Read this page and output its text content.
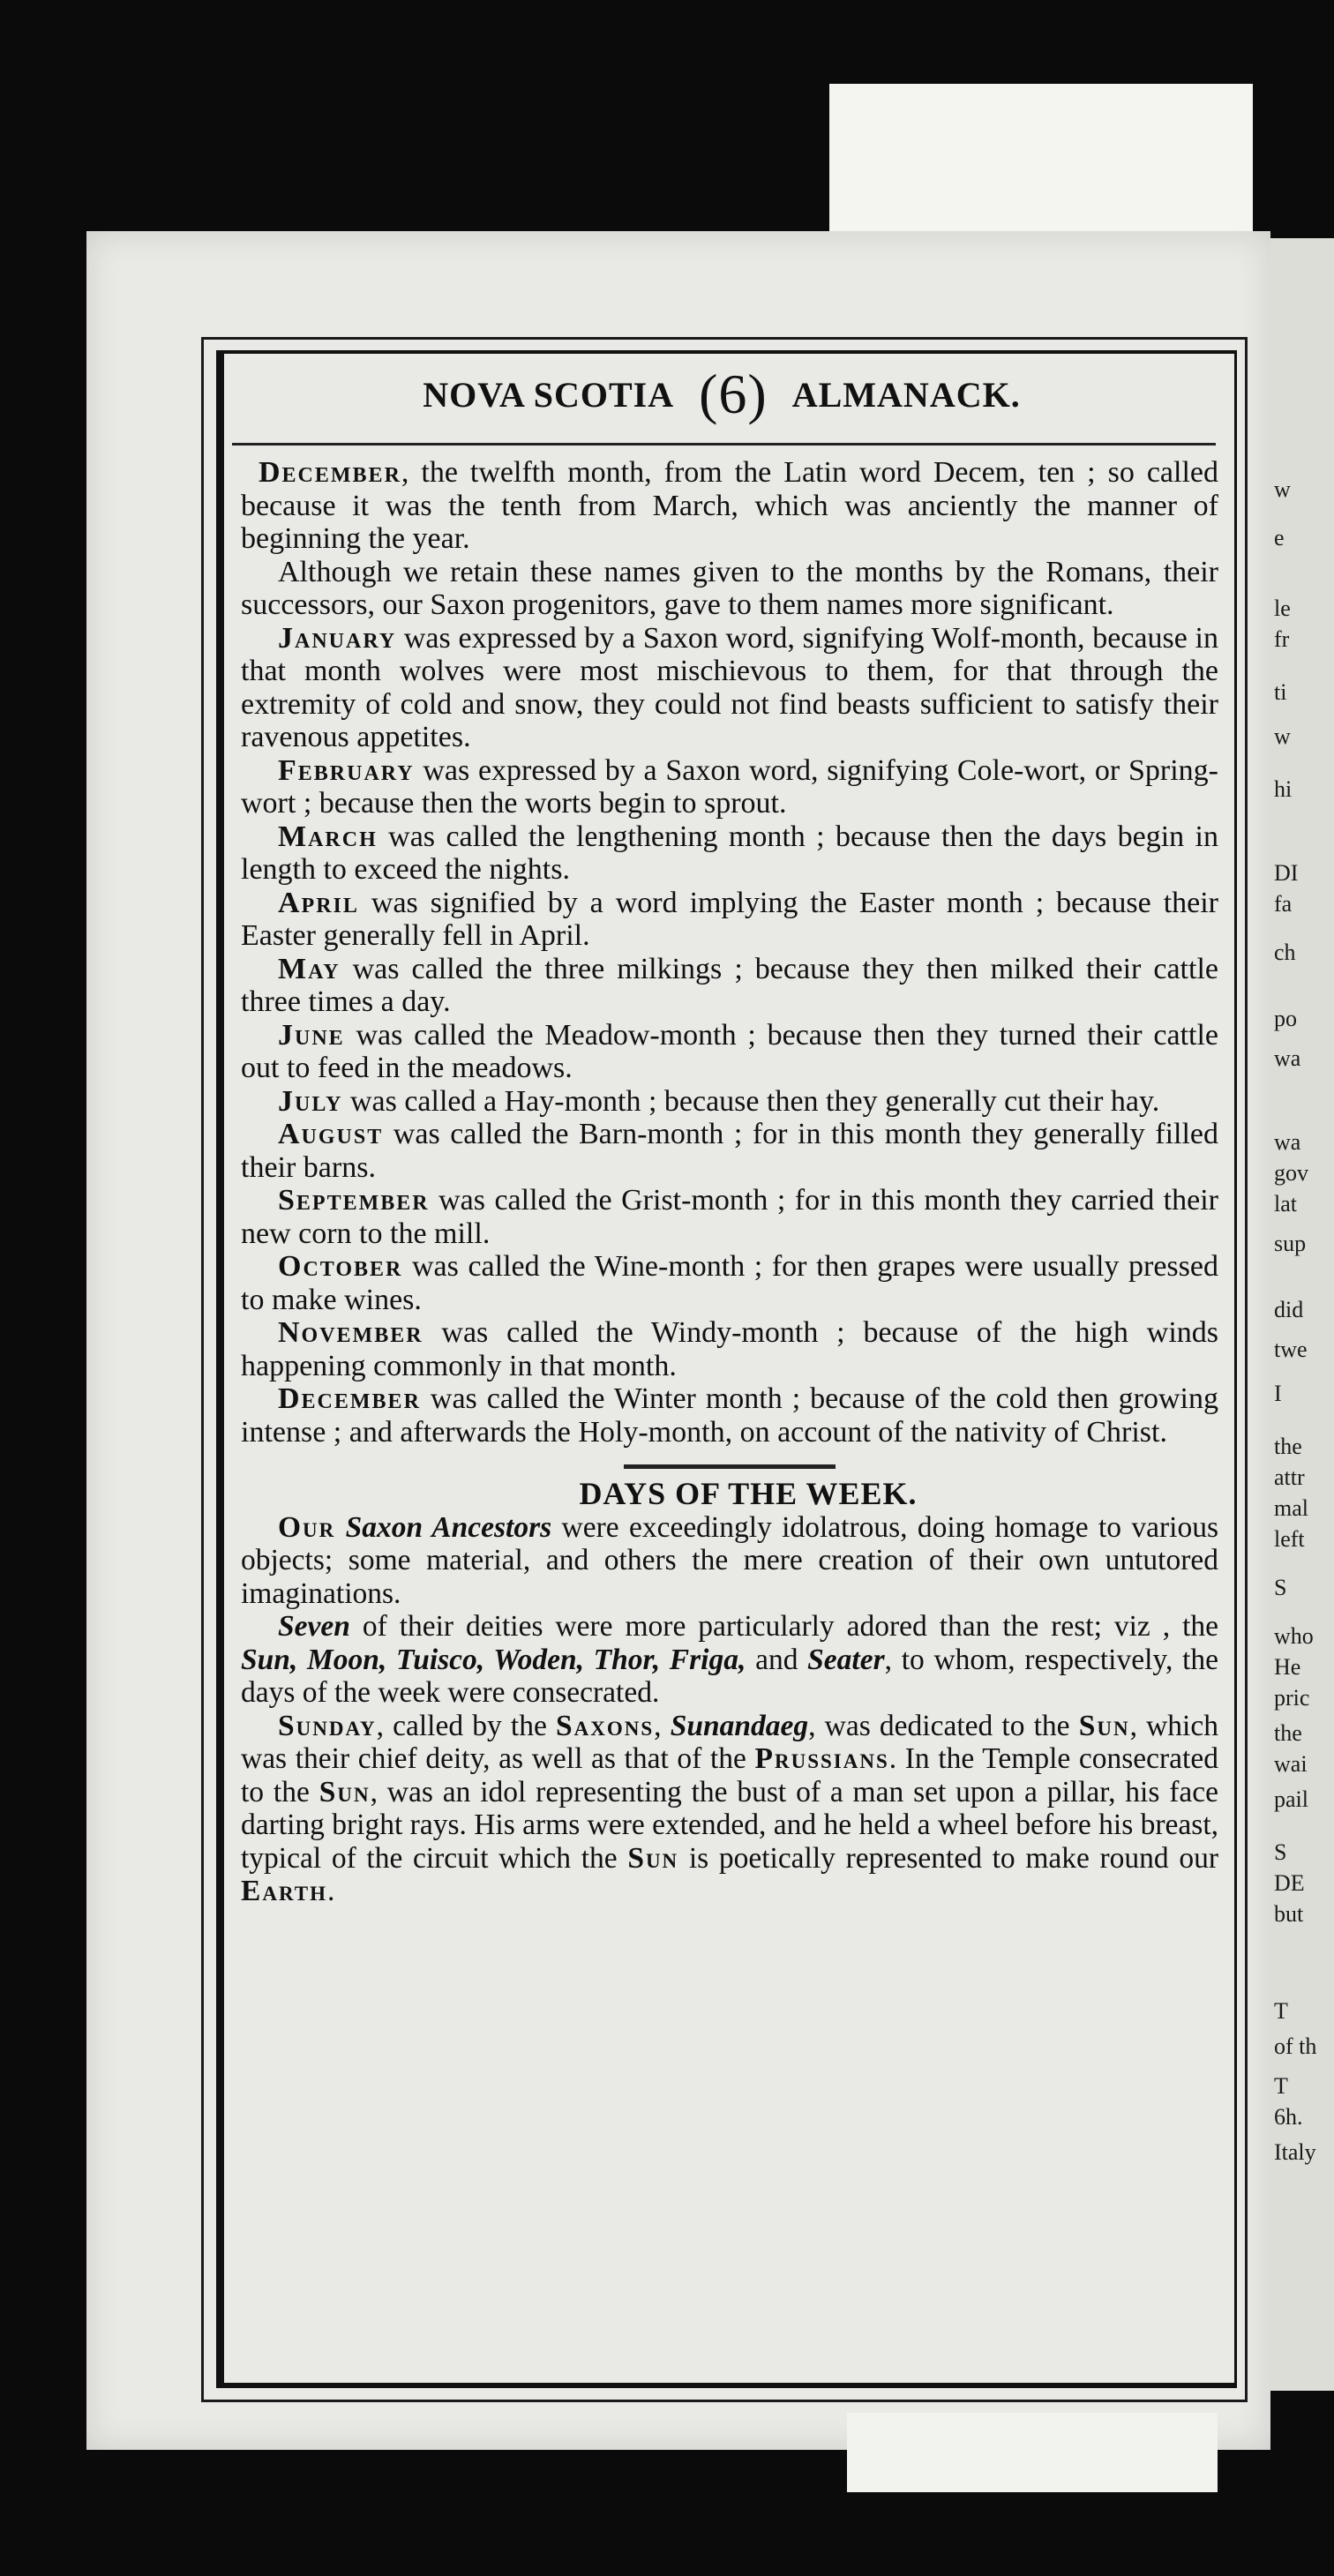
w
e
le
fr
ti
w
hi
DI
fa
ch
po
wa
wa
gov
lat
sup
did
twe
I
the
attr
mal
left
S
who
He
pric
the
wai
pail
S
DE
but
T
of th
T
6h.
Italy
NOVA SCOTIA (6) ALMANACK.

December, the twelfth month, from the Latin word Decem, ten ; so called because it was the tenth from March, which was anciently the manner of beginning the year.

Although we retain these names given to the months by the Romans, their successors, our Saxon progenitors, gave to them names more significant.

January was expressed by a Saxon word, signifying Wolf-month, because in that month wolves were most mischievous to them, for that through the extremity of cold and snow, they could not find beasts sufficient to satisfy their ravenous appetites.

February was expressed by a Saxon word, signifying Cole-wort, or Spring-wort ; because then the worts begin to sprout.

March was called the lengthening month ; because then the days begin in length to exceed the nights.

April was signified by a word implying the Easter month ; because their Easter generally fell in April.

May was called the three milkings ; because they then milked their cattle three times a day.

June was called the Meadow-month ; because then they turned their cattle out to feed in the meadows.

July was called a Hay-month ; because then they generally cut their hay.

August was called the Barn-month ; for in this month they generally filled their barns.

September was called the Grist-month ; for in this month they carried their new corn to the mill.

October was called the Wine-month ; for then grapes were usually pressed to make wines.

November was called the Windy-month ; because of the high winds happening commonly in that month.

December was called the Winter month ; because of the cold then growing intense ; and afterwards the Holy-month, on account of the nativity of Christ.

DAYS OF THE WEEK.

Our Saxon Ancestors were exceedingly idolatrous, doing homage to various objects; some material, and others the mere creation of their own untutored imaginations.

Seven of their deities were more particularly adored than the rest; viz , the Sun, Moon, Tuisco, Woden, Thor, Friga, and Seater, to whom, respectively, the days of the week were consecrated.

Sunday, called by the Saxons, Sunandaeg, was dedicated to the Sun, which was their chief deity, as well as that of the Prussians. In the Temple consecrated to the Sun, was an idol representing the bust of a man set upon a pillar, his face darting bright rays. His arms were extended, and he held a wheel before his breast, typical of the circuit which the Sun is poetically represented to make round our Earth.
